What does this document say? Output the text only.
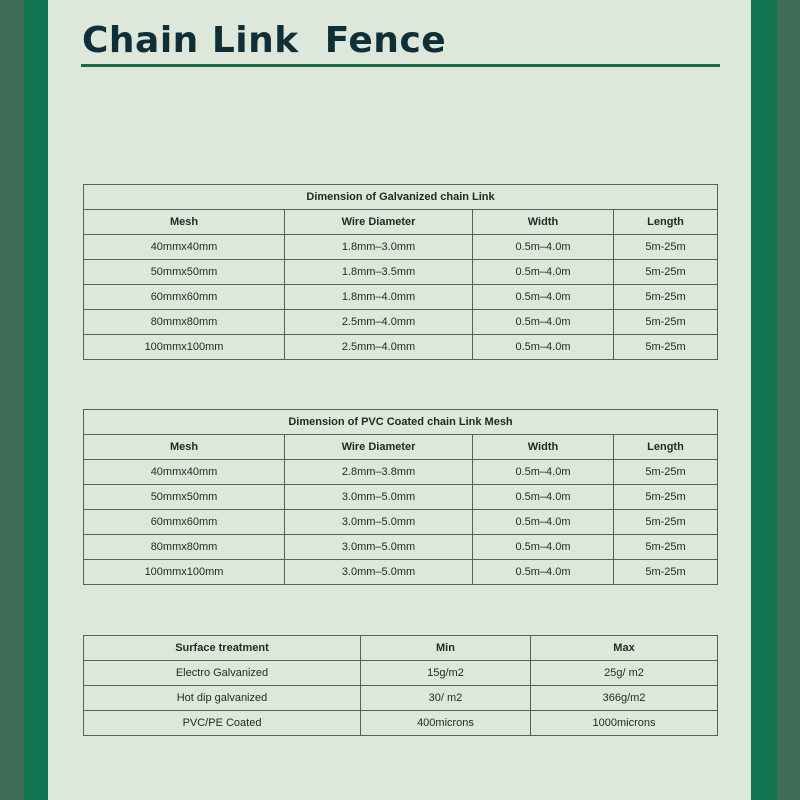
Chain Link  Fence
Dimension of Galvanized chain Link			
Mesh	Wire Diameter	Width	Length
40mmx40mm	1.8mm–3.0mm	0.5m–4.0m	5m-25m
50mmx50mm	1.8mm–3.5mm	0.5m–4.0m	5m-25m
60mmx60mm	1.8mm–4.0mm	0.5m–4.0m	5m-25m
80mmx80mm	2.5mm–4.0mm	0.5m–4.0m	5m-25m
100mmx100mm	2.5mm–4.0mm	0.5m–4.0m	5m-25m
Dimension of PVC Coated chain Link Mesh			
Mesh	Wire Diameter	Width	Length
40mmx40mm	2.8mm–3.8mm	0.5m–4.0m	5m-25m
50mmx50mm	3.0mm–5.0mm	0.5m–4.0m	5m-25m
60mmx60mm	3.0mm–5.0mm	0.5m–4.0m	5m-25m
80mmx80mm	3.0mm–5.0mm	0.5m–4.0m	5m-25m
100mmx100mm	3.0mm–5.0mm	0.5m–4.0m	5m-25m
Surface treatment	Min	Max
Electro Galvanized	15g/m2	25g/ m2
Hot dip galvanized	30/ m2	366g/m2
PVC/PE Coated	400microns	1000microns
